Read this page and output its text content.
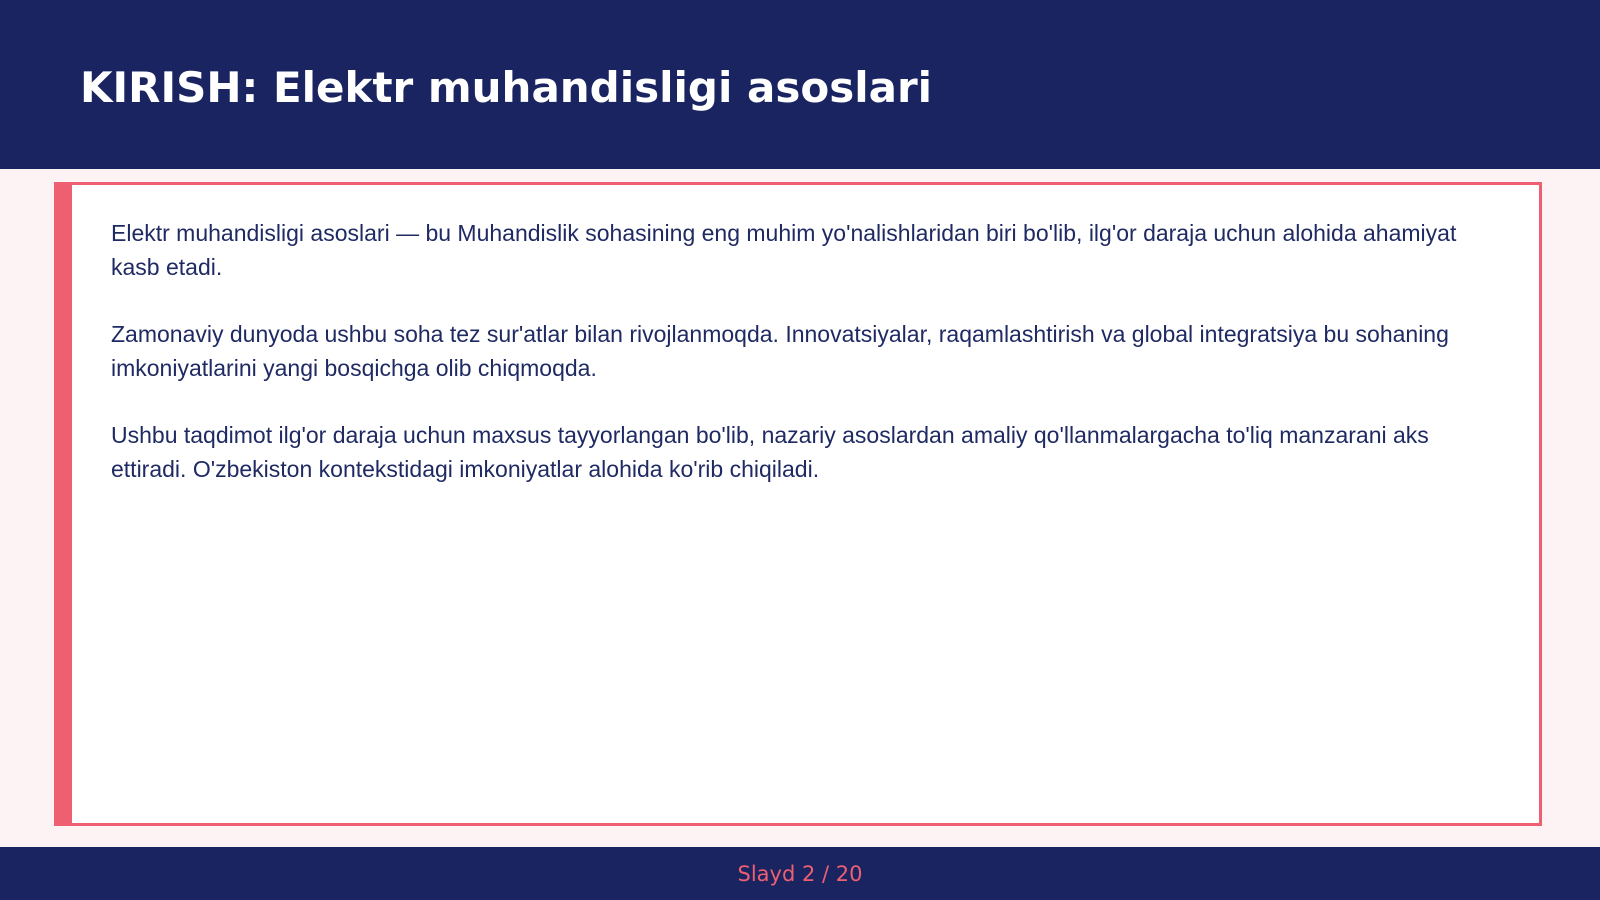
KIRISH: Elektr muhandisligi asoslari

Elektr muhandisligi asoslari — bu Muhandislik sohasining eng muhim yo'nalishlaridan biri bo'lib, ilg'or daraja uchun alohida ahamiyat kasb etadi.

Zamonaviy dunyoda ushbu soha tez sur'atlar bilan rivojlanmoqda. Innovatsiyalar, raqamlashtirish va global integratsiya bu sohaning imkoniyatlarini yangi bosqichga olib chiqmoqda.

Ushbu taqdimot ilg'or daraja uchun maxsus tayyorlangan bo'lib, nazariy asoslardan amaliy qo'llanmalargacha to'liq manzarani aks ettiradi. O'zbekiston kontekstidagi imkoniyatlar alohida ko'rib chiqiladi.

Slayd 2 / 20
